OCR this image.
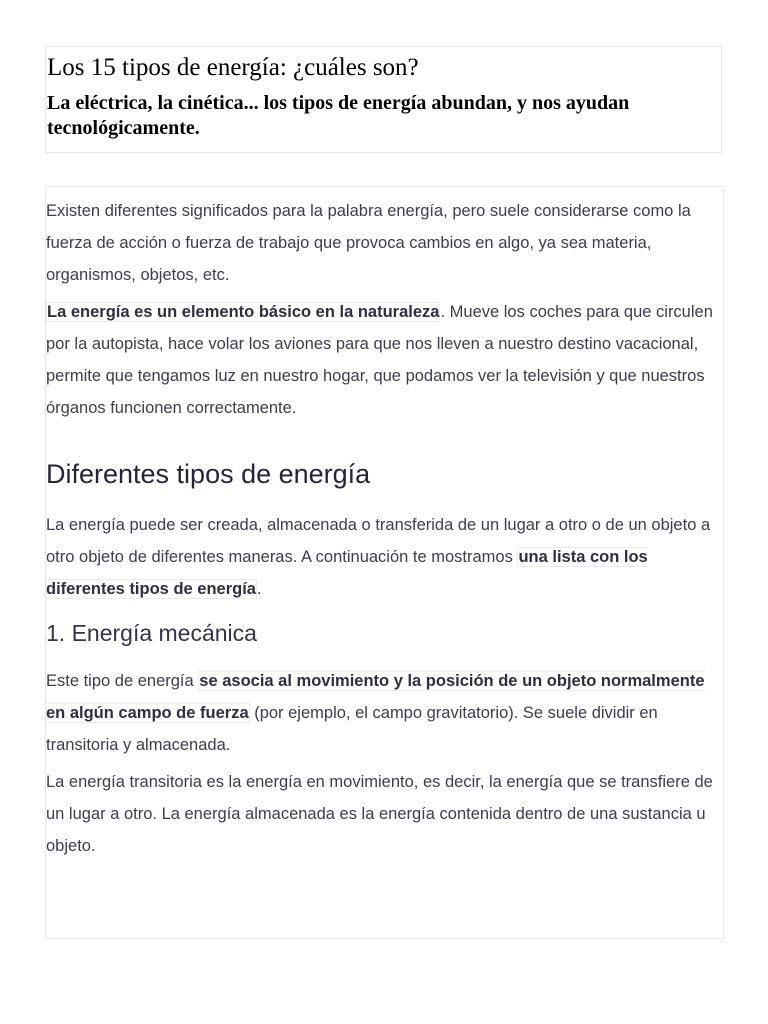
Los 15 tipos de energía: ¿cuáles son?
La eléctrica, la cinética... los tipos de energía abundan, y nos ayudan tecnológicamente.

Existen diferentes significados para la palabra energía, pero suele considerarse como la fuerza de acción o fuerza de trabajo que provoca cambios en algo, ya sea materia, organismos, objetos, etc.

La energía es un elemento básico en la naturaleza. Mueve los coches para que circulen por la autopista, hace volar los aviones para que nos lleven a nuestro destino vacacional, permite que tengamos luz en nuestro hogar, que podamos ver la televisión y que nuestros órganos funcionen correctamente.

Diferentes tipos de energía

La energía puede ser creada, almacenada o transferida de un lugar a otro o de un objeto a otro objeto de diferentes maneras. A continuación te mostramos una lista con los diferentes tipos de energía.

1. Energía mecánica

Este tipo de energía se asocia al movimiento y la posición de un objeto normalmente en algún campo de fuerza (por ejemplo, el campo gravitatorio). Se suele dividir en transitoria y almacenada.

La energía transitoria es la energía en movimiento, es decir, la energía que se transfiere de un lugar a otro. La energía almacenada es la energía contenida dentro de una sustancia u objeto.
